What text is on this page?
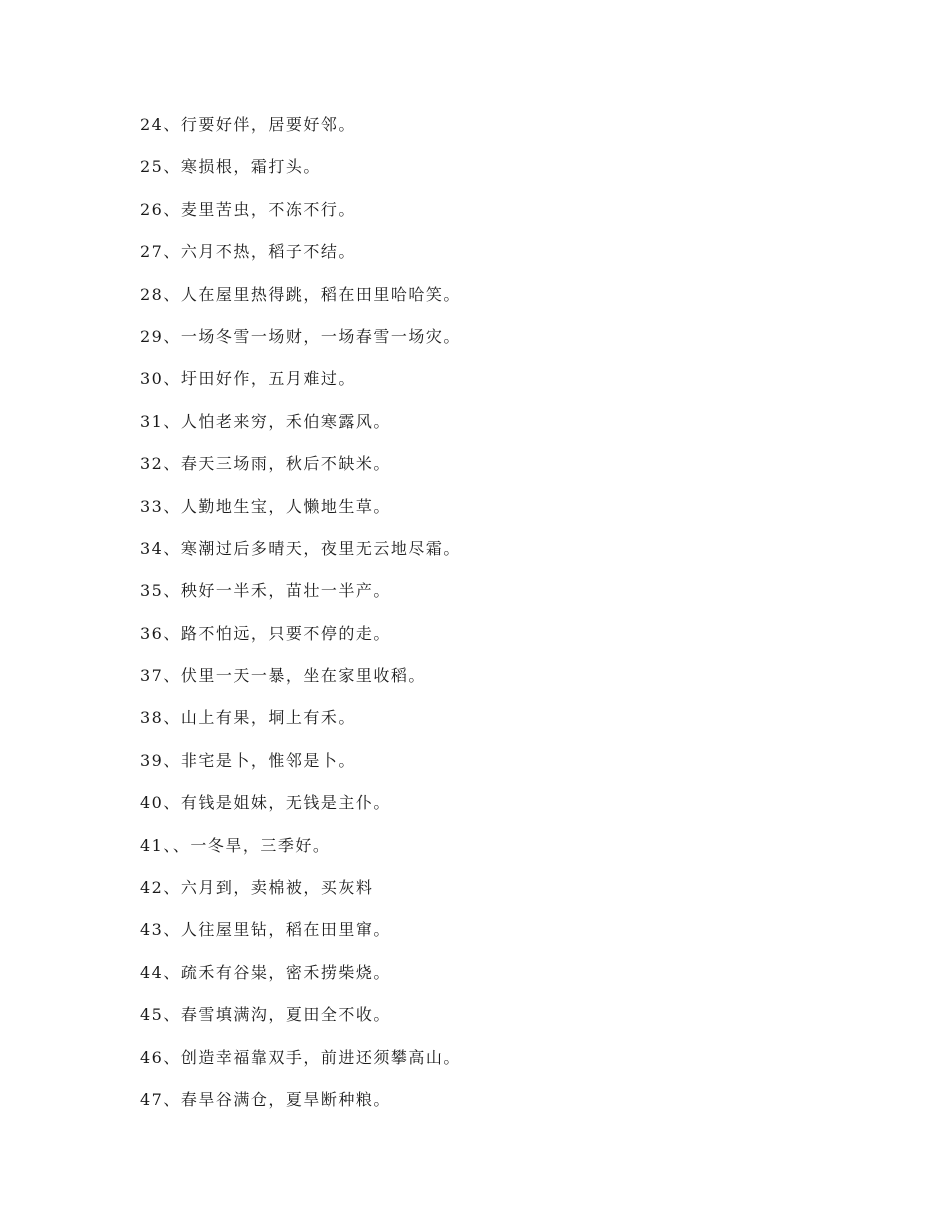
24、行要好伴，居要好邻。
25、寒损根，霜打头。
26、麦里苦虫，不冻不行。
27、六月不热，稻子不结。
28、人在屋里热得跳，稻在田里哈哈笑。
29、一场冬雪一场财，一场春雪一场灾。
30、圩田好作，五月难过。
31、人怕老来穷，禾伯寒露风。
32、春天三场雨，秋后不缺米。
33、人勤地生宝，人懒地生草。
34、寒潮过后多晴天，夜里无云地尽霜。
35、秧好一半禾，苗壮一半产。
36、路不怕远，只要不停的走。
37、伏里一天一暴，坐在家里收稻。
38、山上有果，垌上有禾。
39、非宅是卜，惟邻是卜。
40、有钱是姐妹，无钱是主仆。
41、、一冬旱，三季好。
42、六月到，卖棉被，买灰料
43、人往屋里钻，稻在田里窜。
44、疏禾有谷粜，密禾捞柴烧。
45、春雪填满沟，夏田全不收。
46、创造幸福靠双手，前进还须攀高山。
47、春旱谷满仓，夏旱断种粮。
